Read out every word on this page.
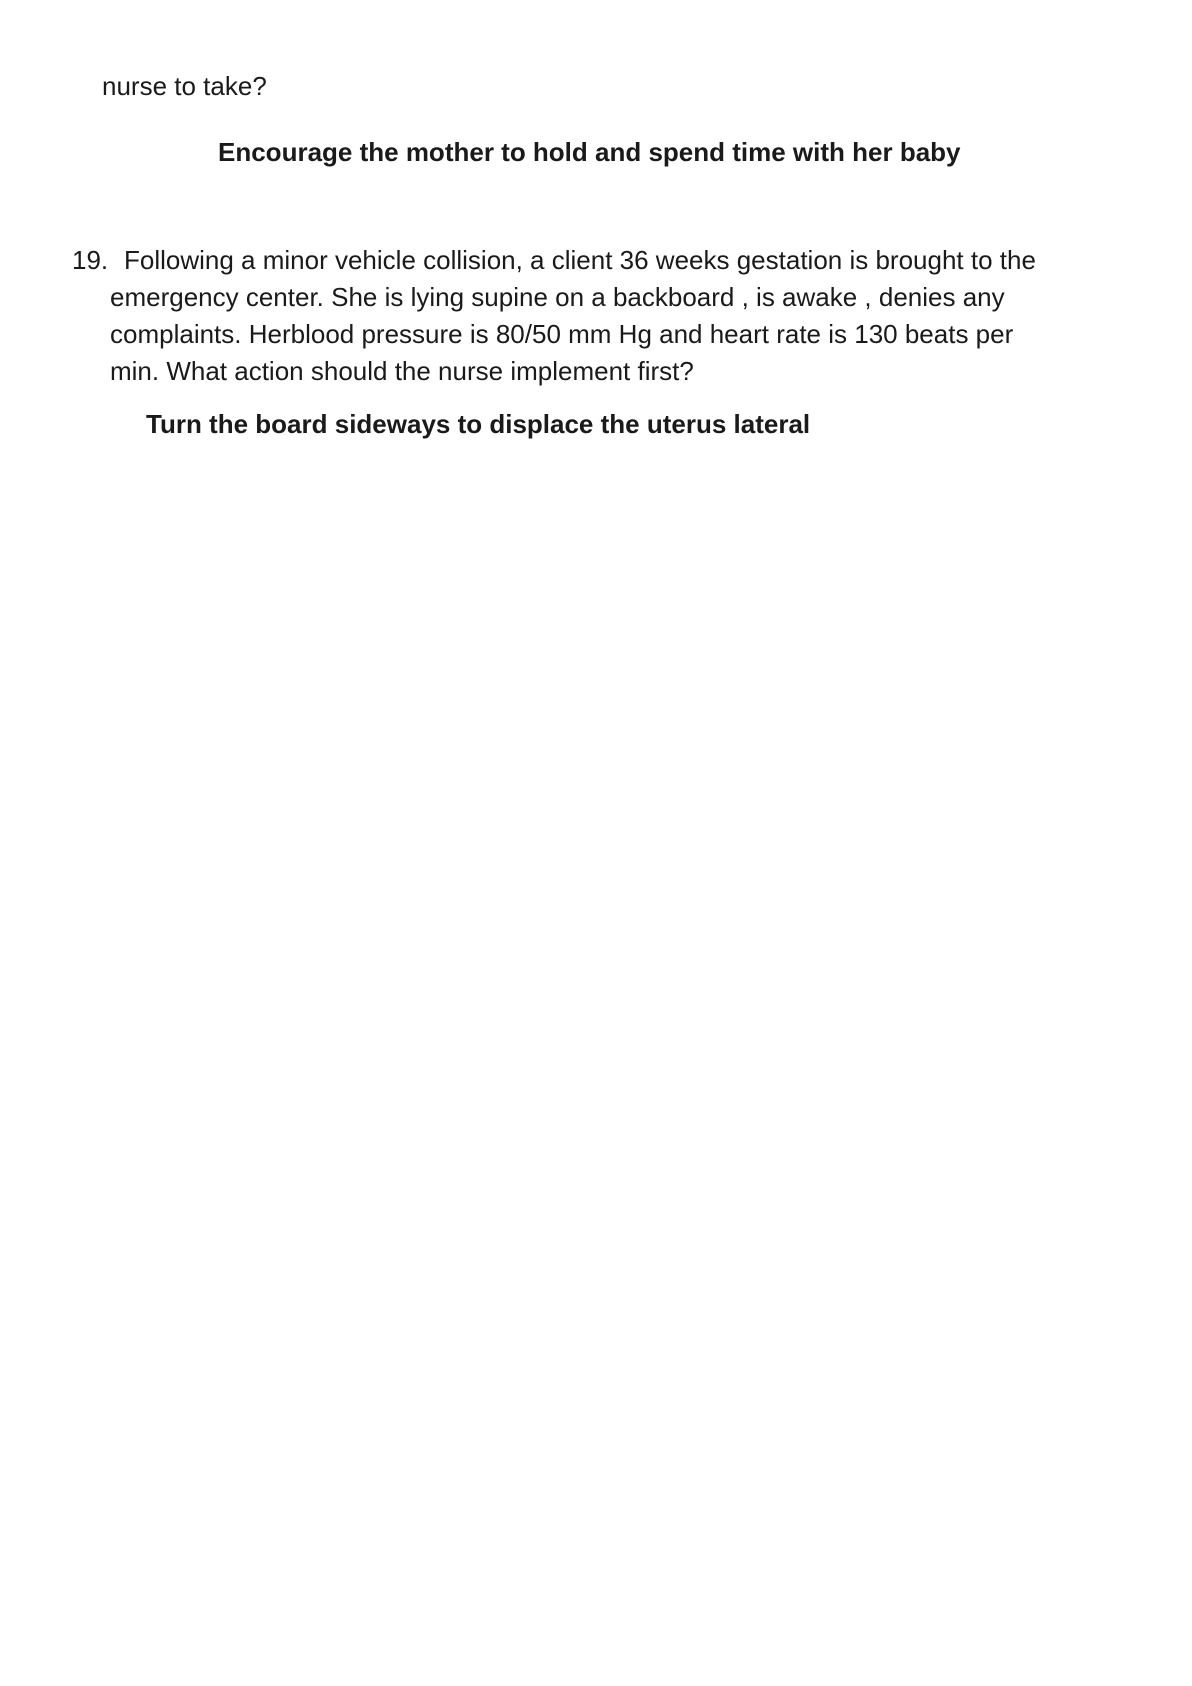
nurse to take?
Encourage the mother to hold and spend time with her baby
19. Following a minor vehicle collision, a client 36 weeks gestation is brought to the
emergency center. She is lying supine on a backboard , is awake , denies any
complaints. Herblood pressure is 80/50 mm Hg and heart rate is 130 beats per
min. What action should the nurse implement first?
Turn the board sideways to displace the uterus lateral
